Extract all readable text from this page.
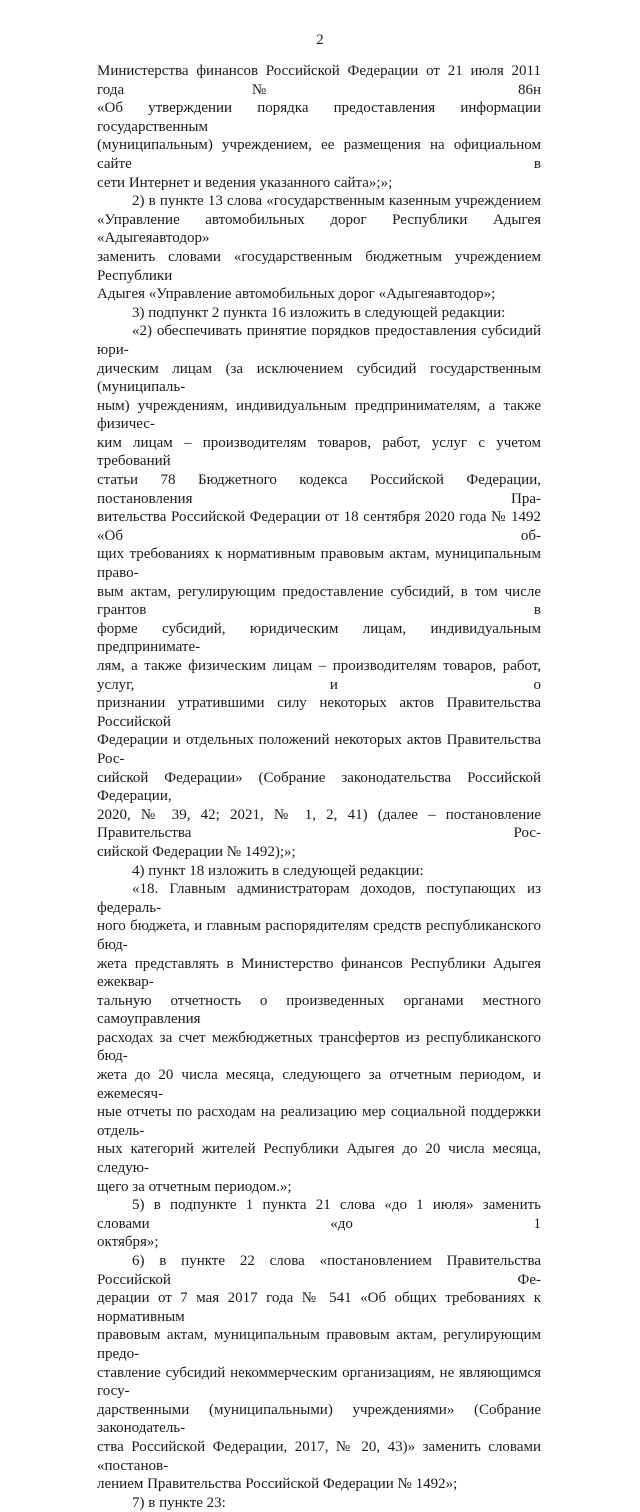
2
Министерства финансов Российской Федерации от 21 июля 2011 года № 86н
«Об утверждении порядка предоставления информации государственным
(муниципальным) учреждением, ее размещения на официальном сайте в
сети Интернет и ведения указанного сайта»;»;
2) в пункте 13 слова «государственным казенным учреждением
«Управление автомобильных дорог Республики Адыгея «Адыгеяавтодор»
заменить словами «государственным бюджетным учреждением Республики
Адыгея «Управление автомобильных дорог «Адыгеяавтодор»;
3) подпункт 2 пункта 16 изложить в следующей редакции:
«2) обеспечивать принятие порядков предоставления субсидий юри-
дическим лицам (за исключением субсидий государственным (муниципаль-
ным) учреждениям, индивидуальным предпринимателям, а также физичес-
ким лицам – производителям товаров, работ, услуг с учетом требований
статьи 78 Бюджетного кодекса Российской Федерации, постановления Пра-
вительства Российской Федерации от 18 сентября 2020 года № 1492 «Об об-
щих требованиях к нормативным правовым актам, муниципальным право-
вым актам, регулирующим предоставление субсидий, в том числе грантов в
форме субсидий, юридическим лицам, индивидуальным предпринимате-
лям, а также физическим лицам – производителям товаров, работ, услуг, и о
признании утратившими силу некоторых актов Правительства Российской
Федерации и отдельных положений некоторых актов Правительства Рос-
сийской Федерации» (Собрание законодательства Российской Федерации,
2020, № 39, 42; 2021, № 1, 2, 41) (далее – постановление Правительства Рос-
сийской Федерации № 1492);»;
4) пункт 18 изложить в следующей редакции:
«18. Главным администраторам доходов, поступающих из федераль-
ного бюджета, и главным распорядителям средств республиканского бюд-
жета представлять в Министерство финансов Республики Адыгея ежеквар-
тальную отчетность о произведенных органами местного самоуправления
расходах за счет межбюджетных трансфертов из республиканского бюд-
жета до 20 числа месяца, следующего за отчетным периодом, и ежемесяч-
ные отчеты по расходам на реализацию мер социальной поддержки отдель-
ных категорий жителей Республики Адыгея до 20 числа месяца, следую-
щего за отчетным периодом.»;
5) в подпункте 1 пункта 21 слова «до 1 июля» заменить словами «до 1
октября»;
6) в пункте 22 слова «постановлением Правительства Российской Фе-
дерации от 7 мая 2017 года № 541 «Об общих требованиях к нормативным
правовым актам, муниципальным правовым актам, регулирующим предо-
ставление субсидий некоммерческим организациям, не являющимся госу-
дарственными (муниципальными) учреждениями» (Собрание законодатель-
ства Российской Федерации, 2017, № 20, 43)» заменить словами «постанов-
лением Правительства Российской Федерации № 1492»;
7) в пункте 23:
